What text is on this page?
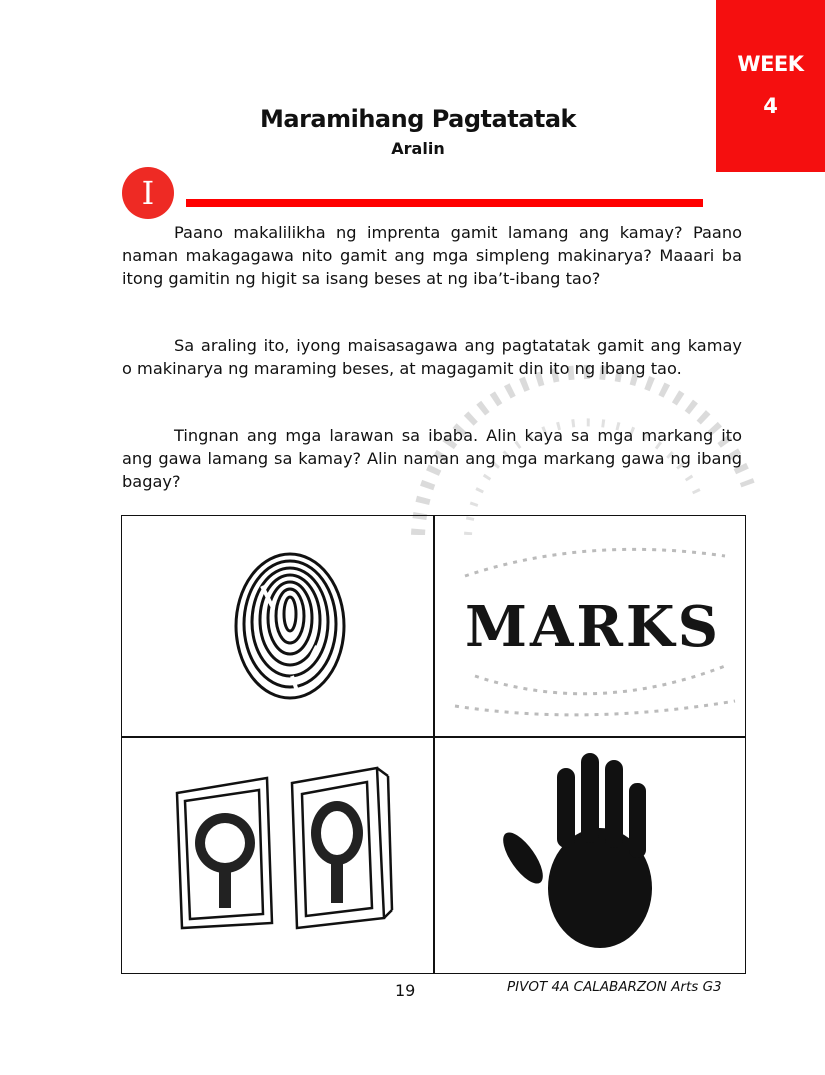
WEEK
4
Maramihang Pagtatatak
Aralin
I

Paano makalilikha ng imprenta gamit lamang ang kamay? Paano naman makagagawa nito gamit ang mga simpleng makinarya? Maaari ba itong gamitin ng higit sa isang beses at ng iba’t-ibang tao?

Sa araling ito, iyong maisasagawa ang pagtatatak gamit ang kamay o makinarya ng maraming beses, at magagamit din ito ng ibang tao.

Tingnan ang mga larawan sa ibaba. Alin kaya sa mga markang ito ang gawa lamang sa kamay? Alin naman ang mga markang gawa ng ibang bagay?

MARKS
19	PIVOT 4A CALABARZON Arts G3
